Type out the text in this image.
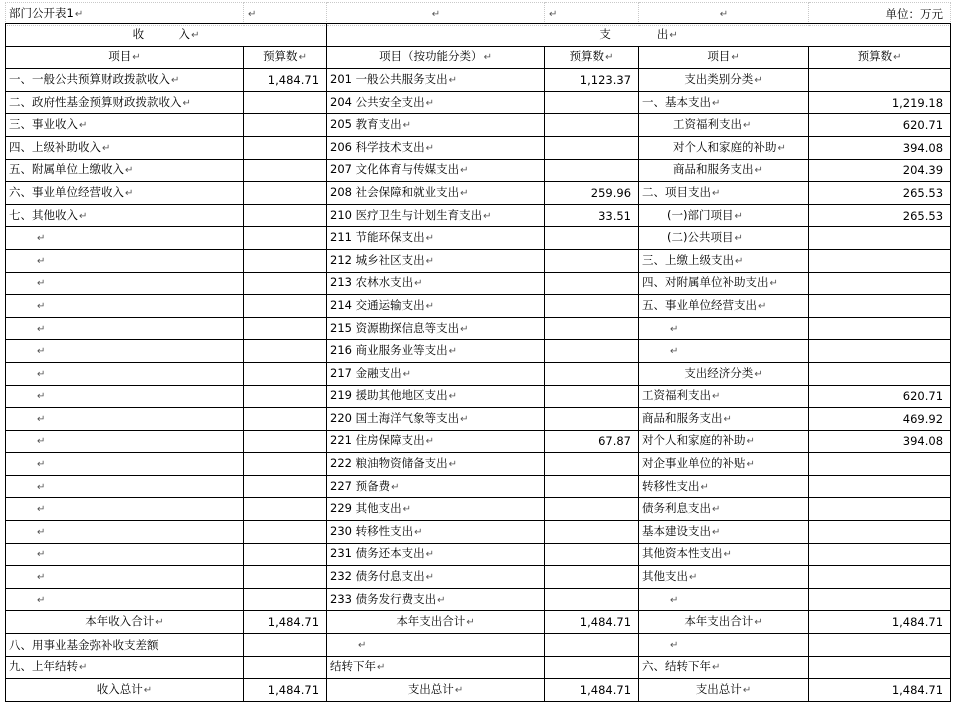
部门公开表1↵	↵	↵	↵	↵	单位：万元
收　　　入↵		支　　　　出↵			
项目↵	预算数↵	项目（按功能分类）↵	预算数↵	项目↵	预算数↵
一、一般公共预算财政拨款收入↵	1,484.71	201 一般公共服务支出↵	1,123.37	支出类别分类↵	
二、政府性基金预算财政拨款收入↵		204 公共安全支出↵		一、基本支出↵	1,219.18
三、事业收入↵		205 教育支出↵		工资福利支出↵	620.71
四、上级补助收入↵		206 科学技术支出↵		对个人和家庭的补助↵	394.08
五、附属单位上缴收入↵		207 文化体育与传媒支出↵		商品和服务支出↵	204.39
六、事业单位经营收入↵		208 社会保障和就业支出↵	259.96	二、项目支出↵	265.53
七、其他收入↵		210 医疗卫生与计划生育支出↵	33.51	(一)部门项目↵	265.53
↵		211 节能环保支出↵		(二)公共项目↵	
↵		212 城乡社区支出↵		三、上缴上级支出↵	
↵		213 农林水支出↵		四、对附属单位补助支出↵	
↵		214 交通运输支出↵		五、事业单位经营支出↵	
↵		215 资源勘探信息等支出↵		↵	
↵		216 商业服务业等支出↵		↵	
↵		217 金融支出↵		支出经济分类↵	
↵		219 援助其他地区支出↵		工资福利支出↵	620.71
↵		220 国土海洋气象等支出↵		商品和服务支出↵	469.92
↵		221 住房保障支出↵	67.87	对个人和家庭的补助↵	394.08
↵		222 粮油物资储备支出↵		对企事业单位的补贴↵	
↵		227 预备费↵		转移性支出↵	
↵		229 其他支出↵		债务利息支出↵	
↵		230 转移性支出↵		基本建设支出↵	
↵		231 债务还本支出↵		其他资本性支出↵	
↵		232 债务付息支出↵		其他支出↵	
↵		233 债务发行费支出↵		↵	
本年收入合计↵	1,484.71	本年支出合计↵	1,484.71	本年支出合计↵	1,484.71
八、用事业基金弥补收支差额		↵		↵	
九、上年结转↵		结转下年↵		六、结转下年↵	
收入总计↵	1,484.71	支出总计↵	1,484.71	支出总计↵	1,484.71
